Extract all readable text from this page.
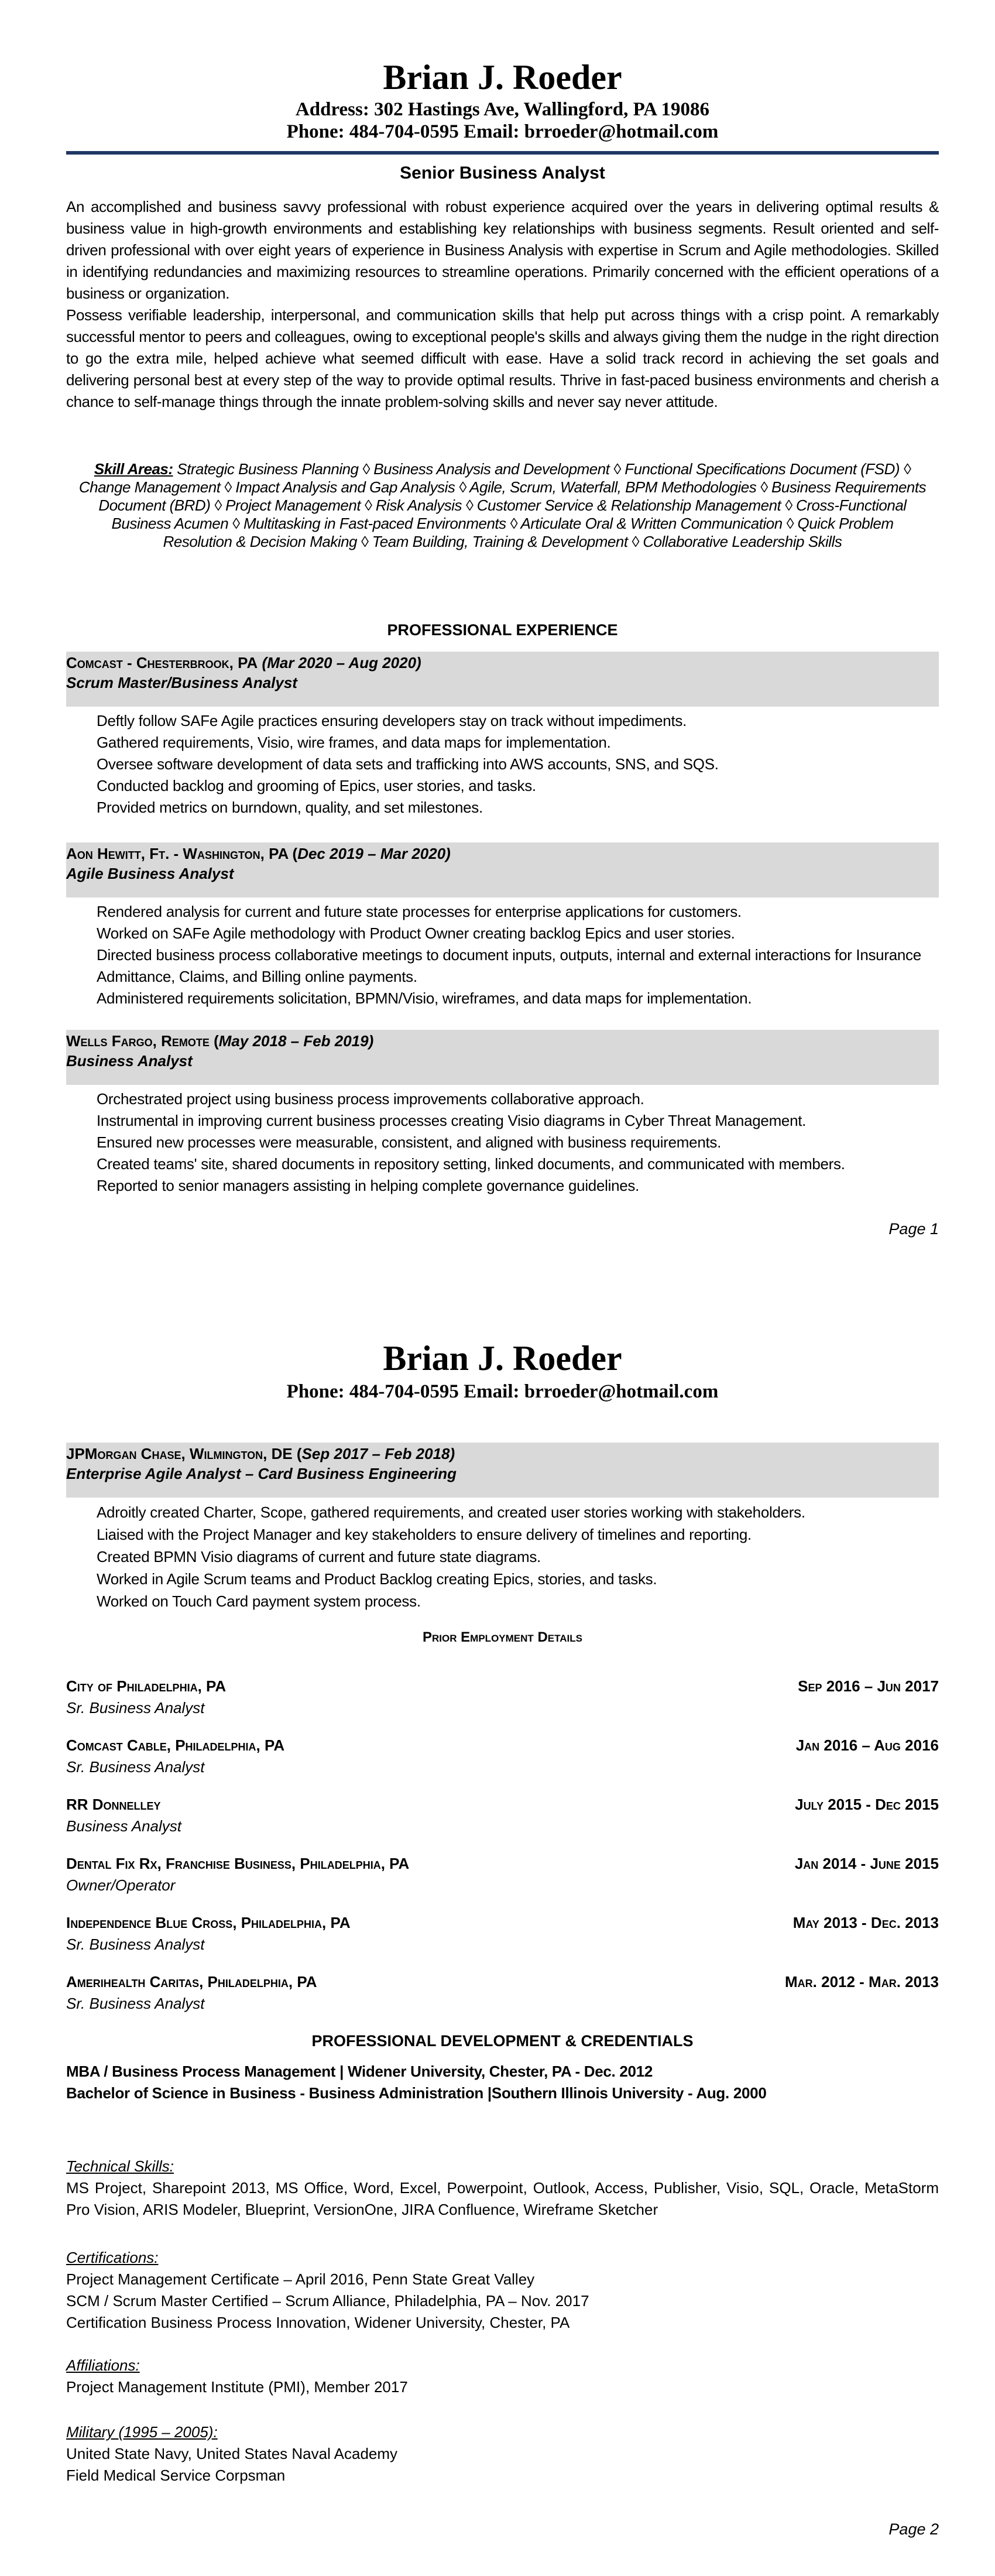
Brian J. Roeder
Address: 302 Hastings Ave, Wallingford, PA 19086
Phone: 484-704-0595 Email: brroeder@hotmail.com
Senior Business Analyst
An accomplished and business savvy professional with robust experience acquired over the years in delivering optimal results & business value in high-growth environments and establishing key relationships with business segments. Result oriented and self-driven professional with over eight years of experience in Business Analysis with expertise in Scrum and Agile methodologies. Skilled in identifying redundancies and maximizing resources to streamline operations. Primarily concerned with the efficient operations of a business or organization.
Possess verifiable leadership, interpersonal, and communication skills that help put across things with a crisp point. A remarkably successful mentor to peers and colleagues, owing to exceptional people's skills and always giving them the nudge in the right direction to go the extra mile, helped achieve what seemed difficult with ease. Have a solid track record in achieving the set goals and delivering personal best at every step of the way to provide optimal results. Thrive in fast-paced business environments and cherish a chance to self-manage things through the innate problem-solving skills and never say never attitude.
Skill Areas: Strategic Business Planning ◊ Business Analysis and Development ◊ Functional Specifications Document (FSD) ◊ Change Management ◊ Impact Analysis and Gap Analysis ◊ Agile, Scrum, Waterfall, BPM Methodologies ◊ Business Requirements Document (BRD) ◊ Project Management ◊ Risk Analysis ◊ Customer Service & Relationship Management ◊ Cross-Functional Business Acumen ◊ Multitasking in Fast-paced Environments ◊ Articulate Oral & Written Communication ◊ Quick Problem Resolution & Decision Making ◊ Team Building, Training & Development ◊ Collaborative Leadership Skills
PROFESSIONAL EXPERIENCE
Comcast - Chesterbrook, PA (Mar 2020 – Aug 2020)
Scrum Master/Business Analyst
Deftly follow SAFe Agile practices ensuring developers stay on track without impediments.
Gathered requirements, Visio, wire frames, and data maps for implementation.
Oversee software development of data sets and trafficking into AWS accounts, SNS, and SQS.
Conducted backlog and grooming of Epics, user stories, and tasks.
Provided metrics on burndown, quality, and set milestones.
Aon Hewitt, Ft. - Washington, PA (Dec 2019 – Mar 2020)
Agile Business Analyst
Rendered analysis for current and future state processes for enterprise applications for customers.
Worked on SAFe Agile methodology with Product Owner creating backlog Epics and user stories.
Directed business process collaborative meetings to document inputs, outputs, internal and external interactions for Insurance Admittance, Claims, and Billing online payments.
Administered requirements solicitation, BPMN/Visio, wireframes, and data maps for implementation.
Wells Fargo, Remote (May 2018 – Feb 2019)
Business Analyst
Orchestrated project using business process improvements collaborative approach.
Instrumental in improving current business processes creating Visio diagrams in Cyber Threat Management.
Ensured new processes were measurable, consistent, and aligned with business requirements.
Created teams' site, shared documents in repository setting, linked documents, and communicated with members.
Reported to senior managers assisting in helping complete governance guidelines.
Page 1
Brian J. Roeder
Phone: 484-704-0595 Email: brroeder@hotmail.com
JPMorgan Chase, Wilmington, DE (Sep 2017 – Feb 2018)
Enterprise Agile Analyst – Card Business Engineering
Adroitly created Charter, Scope, gathered requirements, and created user stories working with stakeholders.
Liaised with the Project Manager and key stakeholders to ensure delivery of timelines and reporting.
Created BPMN Visio diagrams of current and future state diagrams.
Worked in Agile Scrum teams and Product Backlog creating Epics, stories, and tasks.
Worked on Touch Card payment system process.
Prior Employment Details
City of Philadelphia, PA	Sep 2016 – Jun 2017
Sr. Business Analyst
Comcast Cable, Philadelphia, PA	Jan 2016 – Aug 2016
Sr. Business Analyst
RR Donnelley	July 2015 - Dec 2015
Business Analyst
Dental Fix Rx, Franchise Business, Philadelphia, PA	Jan 2014 - June 2015
Owner/Operator
Independence Blue Cross, Philadelphia, PA	May 2013 - Dec. 2013
Sr. Business Analyst
Amerihealth Caritas, Philadelphia, PA	Mar. 2012 - Mar. 2013
Sr. Business Analyst
PROFESSIONAL DEVELOPMENT & CREDENTIALS
MBA / Business Process Management | Widener University, Chester, PA - Dec. 2012
Bachelor of Science in Business - Business Administration |Southern Illinois University - Aug. 2000
Technical Skills:
MS Project, Sharepoint 2013, MS Office, Word, Excel, Powerpoint, Outlook, Access, Publisher, Visio, SQL, Oracle, MetaStorm Pro Vision, ARIS Modeler, Blueprint, VersionOne, JIRA Confluence, Wireframe Sketcher
Certifications:
Project Management Certificate – April 2016, Penn State Great Valley
SCM / Scrum Master Certified – Scrum Alliance, Philadelphia, PA – Nov. 2017
Certification Business Process Innovation, Widener University, Chester, PA
Affiliations:
Project Management Institute (PMI), Member 2017
Military (1995 – 2005):
United State Navy, United States Naval Academy
Field Medical Service Corpsman
Page 2
